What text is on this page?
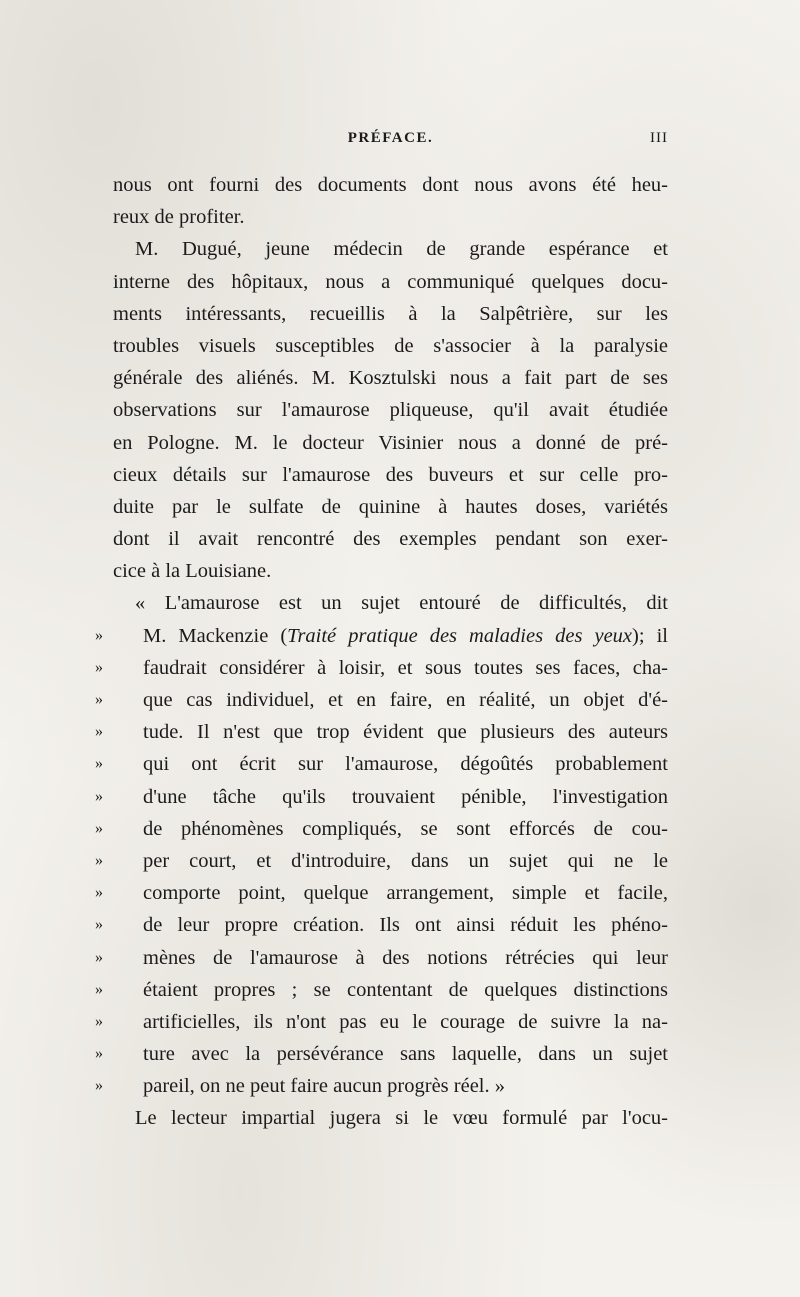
PRÉFACE.	III
nous ont fourni des documents dont nous avons été heu-
reux de profiter.
M. Dugué, jeune médecin de grande espérance et
interne des hôpitaux, nous a communiqué quelques docu-
ments intéressants, recueillis à la Salpêtrière, sur les
troubles visuels susceptibles de s'associer à la paralysie
générale des aliénés. M. Kosztulski nous a fait part de ses
observations sur l'amaurose pliqueuse, qu'il avait étudiée
en Pologne. M. le docteur Visinier nous a donné de pré-
cieux détails sur l'amaurose des buveurs et sur celle pro-
duite par le sulfate de quinine à hautes doses, variétés
dont il avait rencontré des exemples pendant son exer-
cice à la Louisiane.
« L'amaurose est un sujet entouré de difficultés, dit
»	M. Mackenzie (Traité pratique des maladies des yeux); il
»	faudrait considérer à loisir, et sous toutes ses faces, cha-
»	que cas individuel, et en faire, en réalité, un objet d'é-
»	tude. Il n'est que trop évident que plusieurs des auteurs
»	qui ont écrit sur l'amaurose, dégoûtés probablement
»	d'une tâche qu'ils trouvaient pénible, l'investigation
»	de phénomènes compliqués, se sont efforcés de cou-
»	per court, et d'introduire, dans un sujet qui ne le
»	comporte point, quelque arrangement, simple et facile,
»	de leur propre création. Ils ont ainsi réduit les phéno-
»	mènes de l'amaurose à des notions rétrécies qui leur
»	étaient propres ; se contentant de quelques distinctions
»	artificielles, ils n'ont pas eu le courage de suivre la na-
»	ture avec la persévérance sans laquelle, dans un sujet
»	pareil, on ne peut faire aucun progrès réel. »
Le lecteur impartial jugera si le vœu formulé par l'ocu-
